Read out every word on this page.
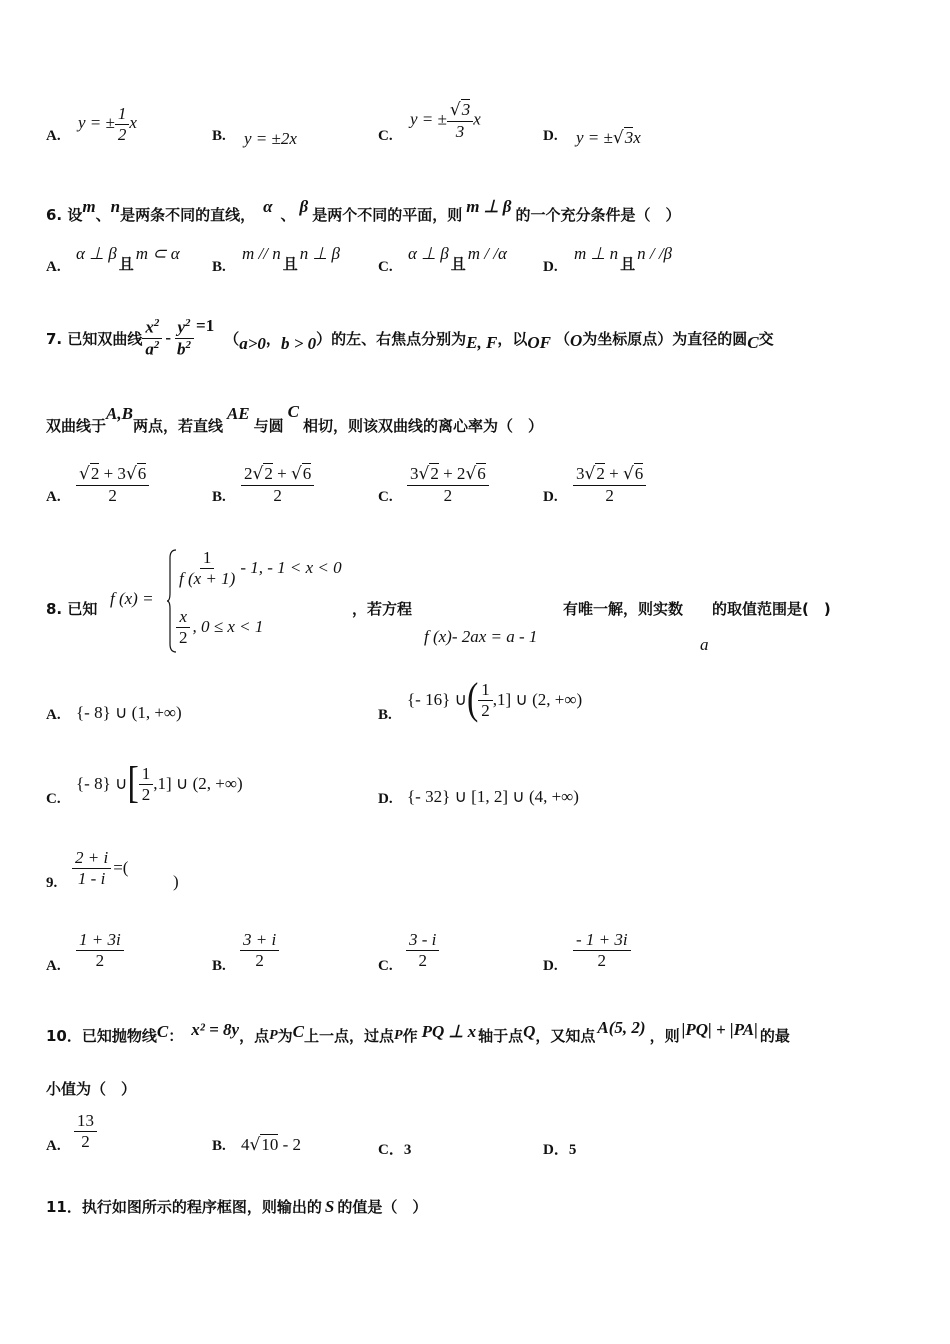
A.
y = ± $\frac{1}{2}$ x
B. y = ±2x	C.
y = ± $\frac{√3}{3}$ x
D. y = ±√3x
6. 设m、n是两条不同的直线， α 、 β 是两个不同的平面，则 m ⊥ β 的一个充分条件是（　）
A.
α ⊥ β且m ⊂ α
B.
m // n且n ⊥ β
C.
α ⊥ β且m / /α
D.
m ⊥ n且n / /β
7. 已知双曲线 $\frac{x^2}{a^2} - \frac{y^2}{b^2} =1$
（ a>0 ， b > 0 ）的左、右焦点分别为 E, F ，以 OF （ O 为坐标原点）为直径的圆 C 交
双曲线于
A,B
两点，若直线
AE
与圆
C
相切，则该双曲线的离心率为（　）
A. $\frac{√2 + 3√6}{2}$	B. $\frac{2√2 + √6}{2}$	C. $\frac{3√2 + 2√6}{2}$	D. $\frac{3√2 + √6}{2}$
8. 已知
f (x) =
$\frac{1}{f (x + 1)} - 1$, - 1 < x < 0
$\frac{x}{2}$ , 0 ≤ x < 1
，若方程	有唯一解，则实数 的取值范围是(　)
f (x)- 2ax = a - 1	a
A. {- 8} ∪ (1, +∞)	B.
{- 16} ∪ ( $\frac{1}{2} ,1$] ∪ (2, +∞)
C.
{- 8} ∪ [ $\frac{1}{2} ,1$] ∪ (2, +∞)
D. {- 32} ∪ [1, 2] ∪ (4, +∞)
9. $\frac{2 + i}{1 - i}$ =(
)
A. $\frac{1 + 3i}{2}$	B. $\frac{3 + i}{2}$	C. $\frac{3 - i}{2}$	D. $\frac{- 1 + 3i}{2}$
10．已知抛物线 C ： x² = 8y ，点 P 为 C 上一点，过点 P 作 PQ ⊥ x 轴于点 Q ，又知点 A(5, 2) ，则 |PQ| + |PA| 的最
小值为（　）
A. $\frac{13}{2}$	B. 4√10 - 2	C．3	D．5
11．执行如图所示的程序框图，则输出的 S 的值是（　）
